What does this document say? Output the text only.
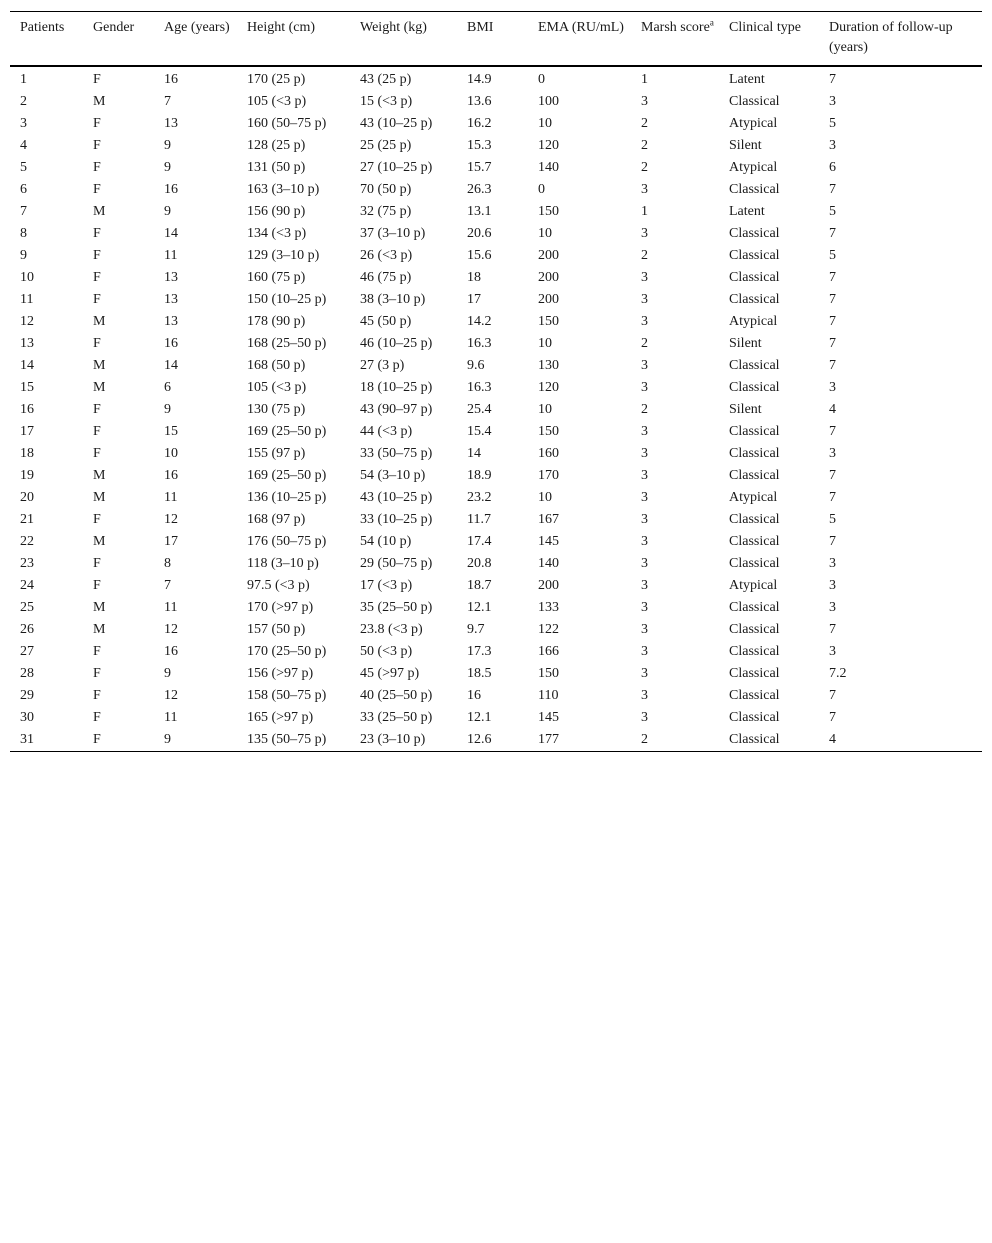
Patients	Gender	Age (years)	Height (cm)	Weight (kg)	BMI	EMA (RU/mL)	Marsh score$^a$	Clinical type	Duration of follow-up (years)
1	F	16	170 (25 p)	43 (25 p)	14.9	0	1	Latent	7
2	M	7	105 (<3 p)	15 (<3 p)	13.6	100	3	Classical	3
3	F	13	160 (50–75 p)	43 (10–25 p)	16.2	10	2	Atypical	5
4	F	9	128 (25 p)	25 (25 p)	15.3	120	2	Silent	3
5	F	9	131 (50 p)	27 (10–25 p)	15.7	140	2	Atypical	6
6	F	16	163 (3–10 p)	70 (50 p)	26.3	0	3	Classical	7
7	M	9	156 (90 p)	32 (75 p)	13.1	150	1	Latent	5
8	F	14	134 (<3 p)	37 (3–10 p)	20.6	10	3	Classical	7
9	F	11	129 (3–10 p)	26 (<3 p)	15.6	200	2	Classical	5
10	F	13	160 (75 p)	46 (75 p)	18	200	3	Classical	7
11	F	13	150 (10–25 p)	38 (3–10 p)	17	200	3	Classical	7
12	M	13	178 (90 p)	45 (50 p)	14.2	150	3	Atypical	7
13	F	16	168 (25–50 p)	46 (10–25 p)	16.3	10	2	Silent	7
14	M	14	168 (50 p)	27 (3 p)	9.6	130	3	Classical	7
15	M	6	105 (<3 p)	18 (10–25 p)	16.3	120	3	Classical	3
16	F	9	130 (75 p)	43 (90–97 p)	25.4	10	2	Silent	4
17	F	15	169 (25–50 p)	44 (<3 p)	15.4	150	3	Classical	7
18	F	10	155 (97 p)	33 (50–75 p)	14	160	3	Classical	3
19	M	16	169 (25–50 p)	54 (3–10 p)	18.9	170	3	Classical	7
20	M	11	136 (10–25 p)	43 (10–25 p)	23.2	10	3	Atypical	7
21	F	12	168 (97 p)	33 (10–25 p)	11.7	167	3	Classical	5
22	M	17	176 (50–75 p)	54 (10 p)	17.4	145	3	Classical	7
23	F	8	118 (3–10 p)	29 (50–75 p)	20.8	140	3	Classical	3
24	F	7	97.5 (<3 p)	17 (<3 p)	18.7	200	3	Atypical	3
25	M	11	170 (>97 p)	35 (25–50 p)	12.1	133	3	Classical	3
26	M	12	157 (50 p)	23.8 (<3 p)	9.7	122	3	Classical	7
27	F	16	170 (25–50 p)	50 (<3 p)	17.3	166	3	Classical	3
28	F	9	156 (>97 p)	45 (>97 p)	18.5	150	3	Classical	7.2
29	F	12	158 (50–75 p)	40 (25–50 p)	16	110	3	Classical	7
30	F	11	165 (>97 p)	33 (25–50 p)	12.1	145	3	Classical	7
31	F	9	135 (50–75 p)	23 (3–10 p)	12.6	177	2	Classical	4
